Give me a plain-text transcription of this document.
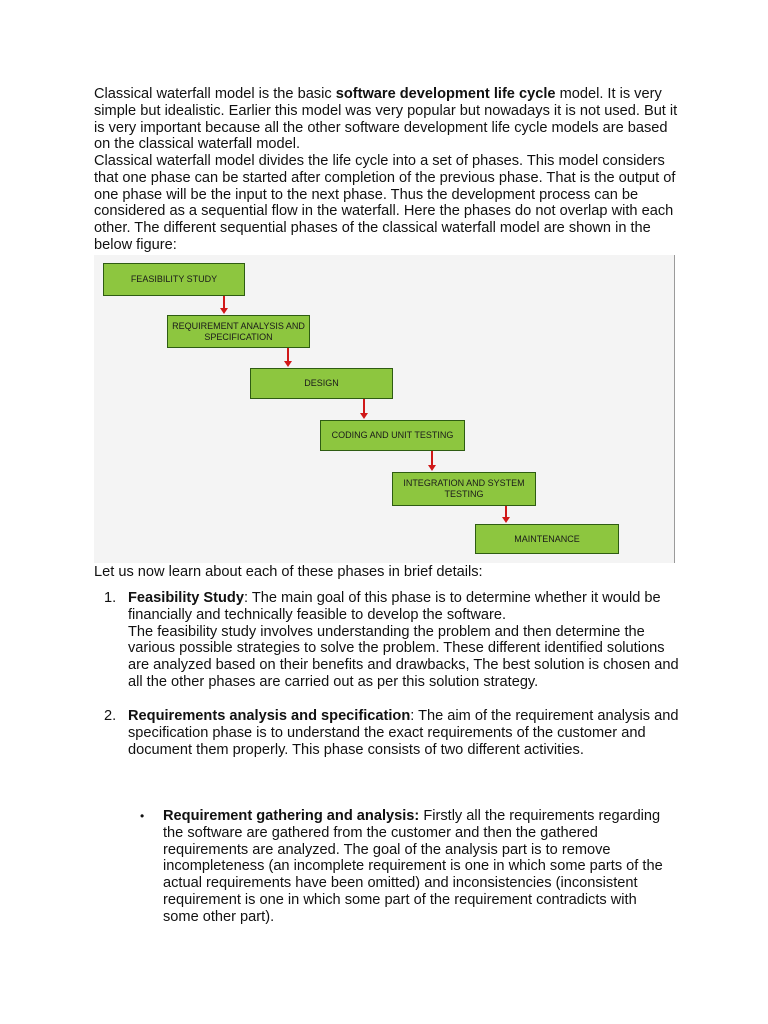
Classical waterfall model is the basic software development life cycle model. It is very simple but idealistic. Earlier this model was very popular but nowadays it is not used. But it is very important because all the other software development life cycle models are based on the classical waterfall model.

Classical waterfall model divides the life cycle into a set of phases. This model considers that one phase can be started after completion of the previous phase. That is the output of one phase will be the input to the next phase. Thus the development process can be considered as a sequential flow in the waterfall. Here the phases do not overlap with each other. The different sequential phases of the classical waterfall model are shown in the below figure:

FEASIBILITY STUDY
REQUIREMENT ANALYSIS AND SPECIFICATION
DESIGN
CODING AND UNIT TESTING
INTEGRATION AND SYSTEM TESTING
MAINTENANCE

Let us now learn about each of these phases in brief details:

1. Feasibility Study: The main goal of this phase is to determine whether it would be financially and technically feasible to develop the software.
The feasibility study involves understanding the problem and then determine the various possible strategies to solve the problem. These different identified solutions are analyzed based on their benefits and drawbacks, The best solution is chosen and all the other phases are carried out as per this solution strategy.
2. Requirements analysis and specification: The aim of the requirement analysis and specification phase is to understand the exact requirements of the customer and document them properly. This phase consists of two different activities.
• Requirement gathering and analysis: Firstly all the requirements regarding the software are gathered from the customer and then the gathered requirements are analyzed. The goal of the analysis part is to remove incompleteness (an incomplete requirement is one in which some parts of the actual requirements have been omitted) and inconsistencies (inconsistent requirement is one in which some part of the requirement contradicts with some other part).
